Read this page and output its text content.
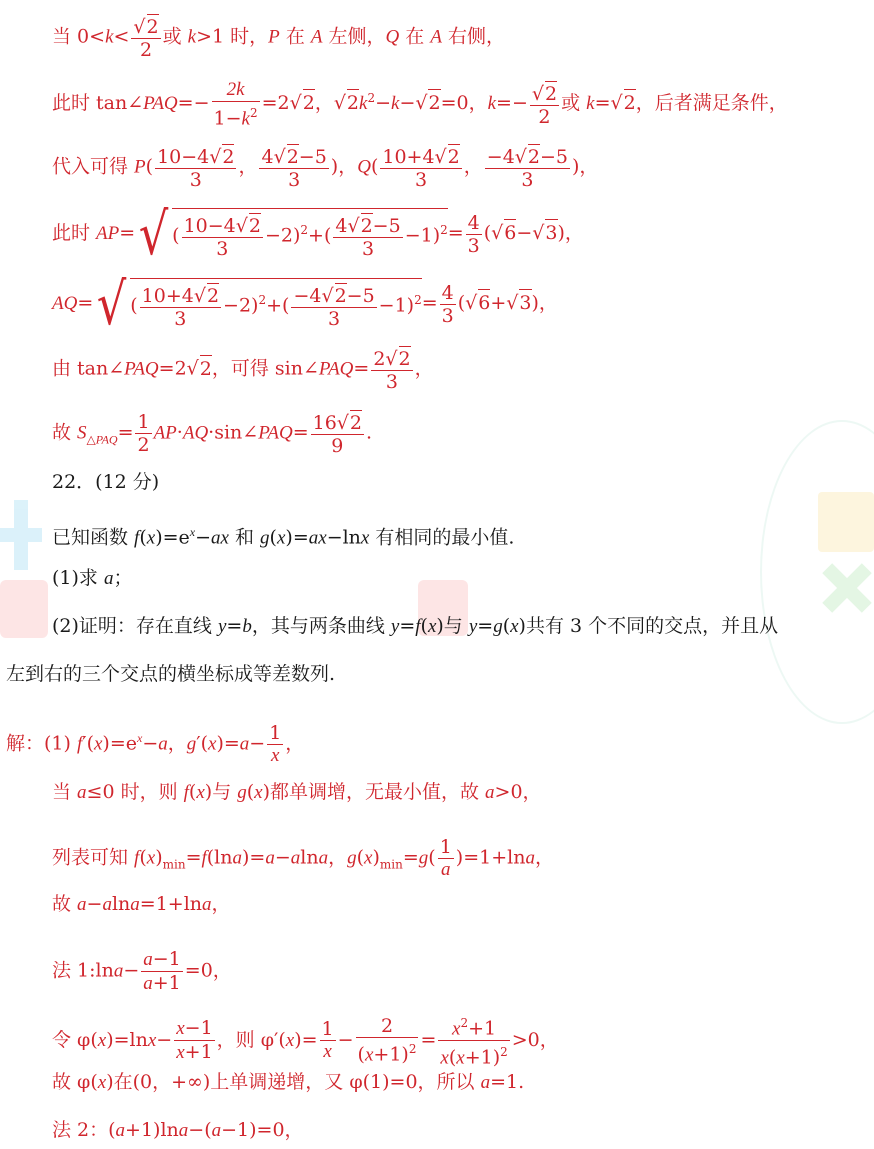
当 $0<k< \frac{√2}{2}$ 或 k>1 时，P 在 A 左侧，Q 在 A 右侧，
此时 tan∠PAQ=− $\frac{2k}{1-k^2} =2√2$，$√2k^2-k-√2=0$，$k=- \frac{√2}{2}$ 或 k=√2，后者满足条件，
代入可得 $P( \frac{10-4√2}{3}$ ， $\frac{4√2-5}{3}$ )，$Q( \frac{10+4√2}{3}$ ， $\frac{-4√2-5}{3}$ )，
此时 AP=√ ( $\frac{10-4√2}{3} -2)^2+( \frac{4√2-5}{3} -1)^2= \frac{4}{3} (√6-√3)$，
AQ=√ ( $\frac{10+4√2}{3} -2)^2+( \frac{-4√2-5}{3} -1)^2= \frac{4}{3} (√6+√3)$，
由 tan∠PAQ=2√2，可得 sin∠PAQ= $\frac{2√2}{3}$ ，
故 $S_{\triangle PAQ}= \frac{1}{2}$ AP·AQ·sin∠PAQ= $\frac{16√2}{9}$ .
22．(12 分)
已知函数 $f(x)=e^x-ax$ 和 g(x)=ax−lnx 有相同的最小值.
(1)求 a；
(2)证明：存在直线 y=b，其与两条曲线 y=f(x)与 y=g(x)共有 3 个不同的交点，并且从
左到右的三个交点的横坐标成等差数列.
解：(1) $f'(x)=e^x-a$，$g'(x)=a- \frac{1}{x}$ ，
当 a≤0 时，则 f(x)与 g(x)都单调增，无最小值，故 a>0，
列表可知 $f(x)_{min}=f(\ln a)=a-alna$，$g(x)_{min}=g( \frac{1}{a} )=1+\ln a$，
故 a−alna=1+lna，
法 1:lna− $\frac{a-1}{a+1} =0$，
令 $\varphi(x)=\ln x- \frac{x-1}{x+1}$ ，则 $\varphi'(x)= \frac{1}{x} - \frac{2}{(x+1)^2} = \frac{x^2+1}{x(x+1)^2} >0$，
故 φ(x)在(0，+∞)上单调递增，又 φ(1)=0，所以 a=1.
法 2：(a+1)lna−(a−1)=0，
